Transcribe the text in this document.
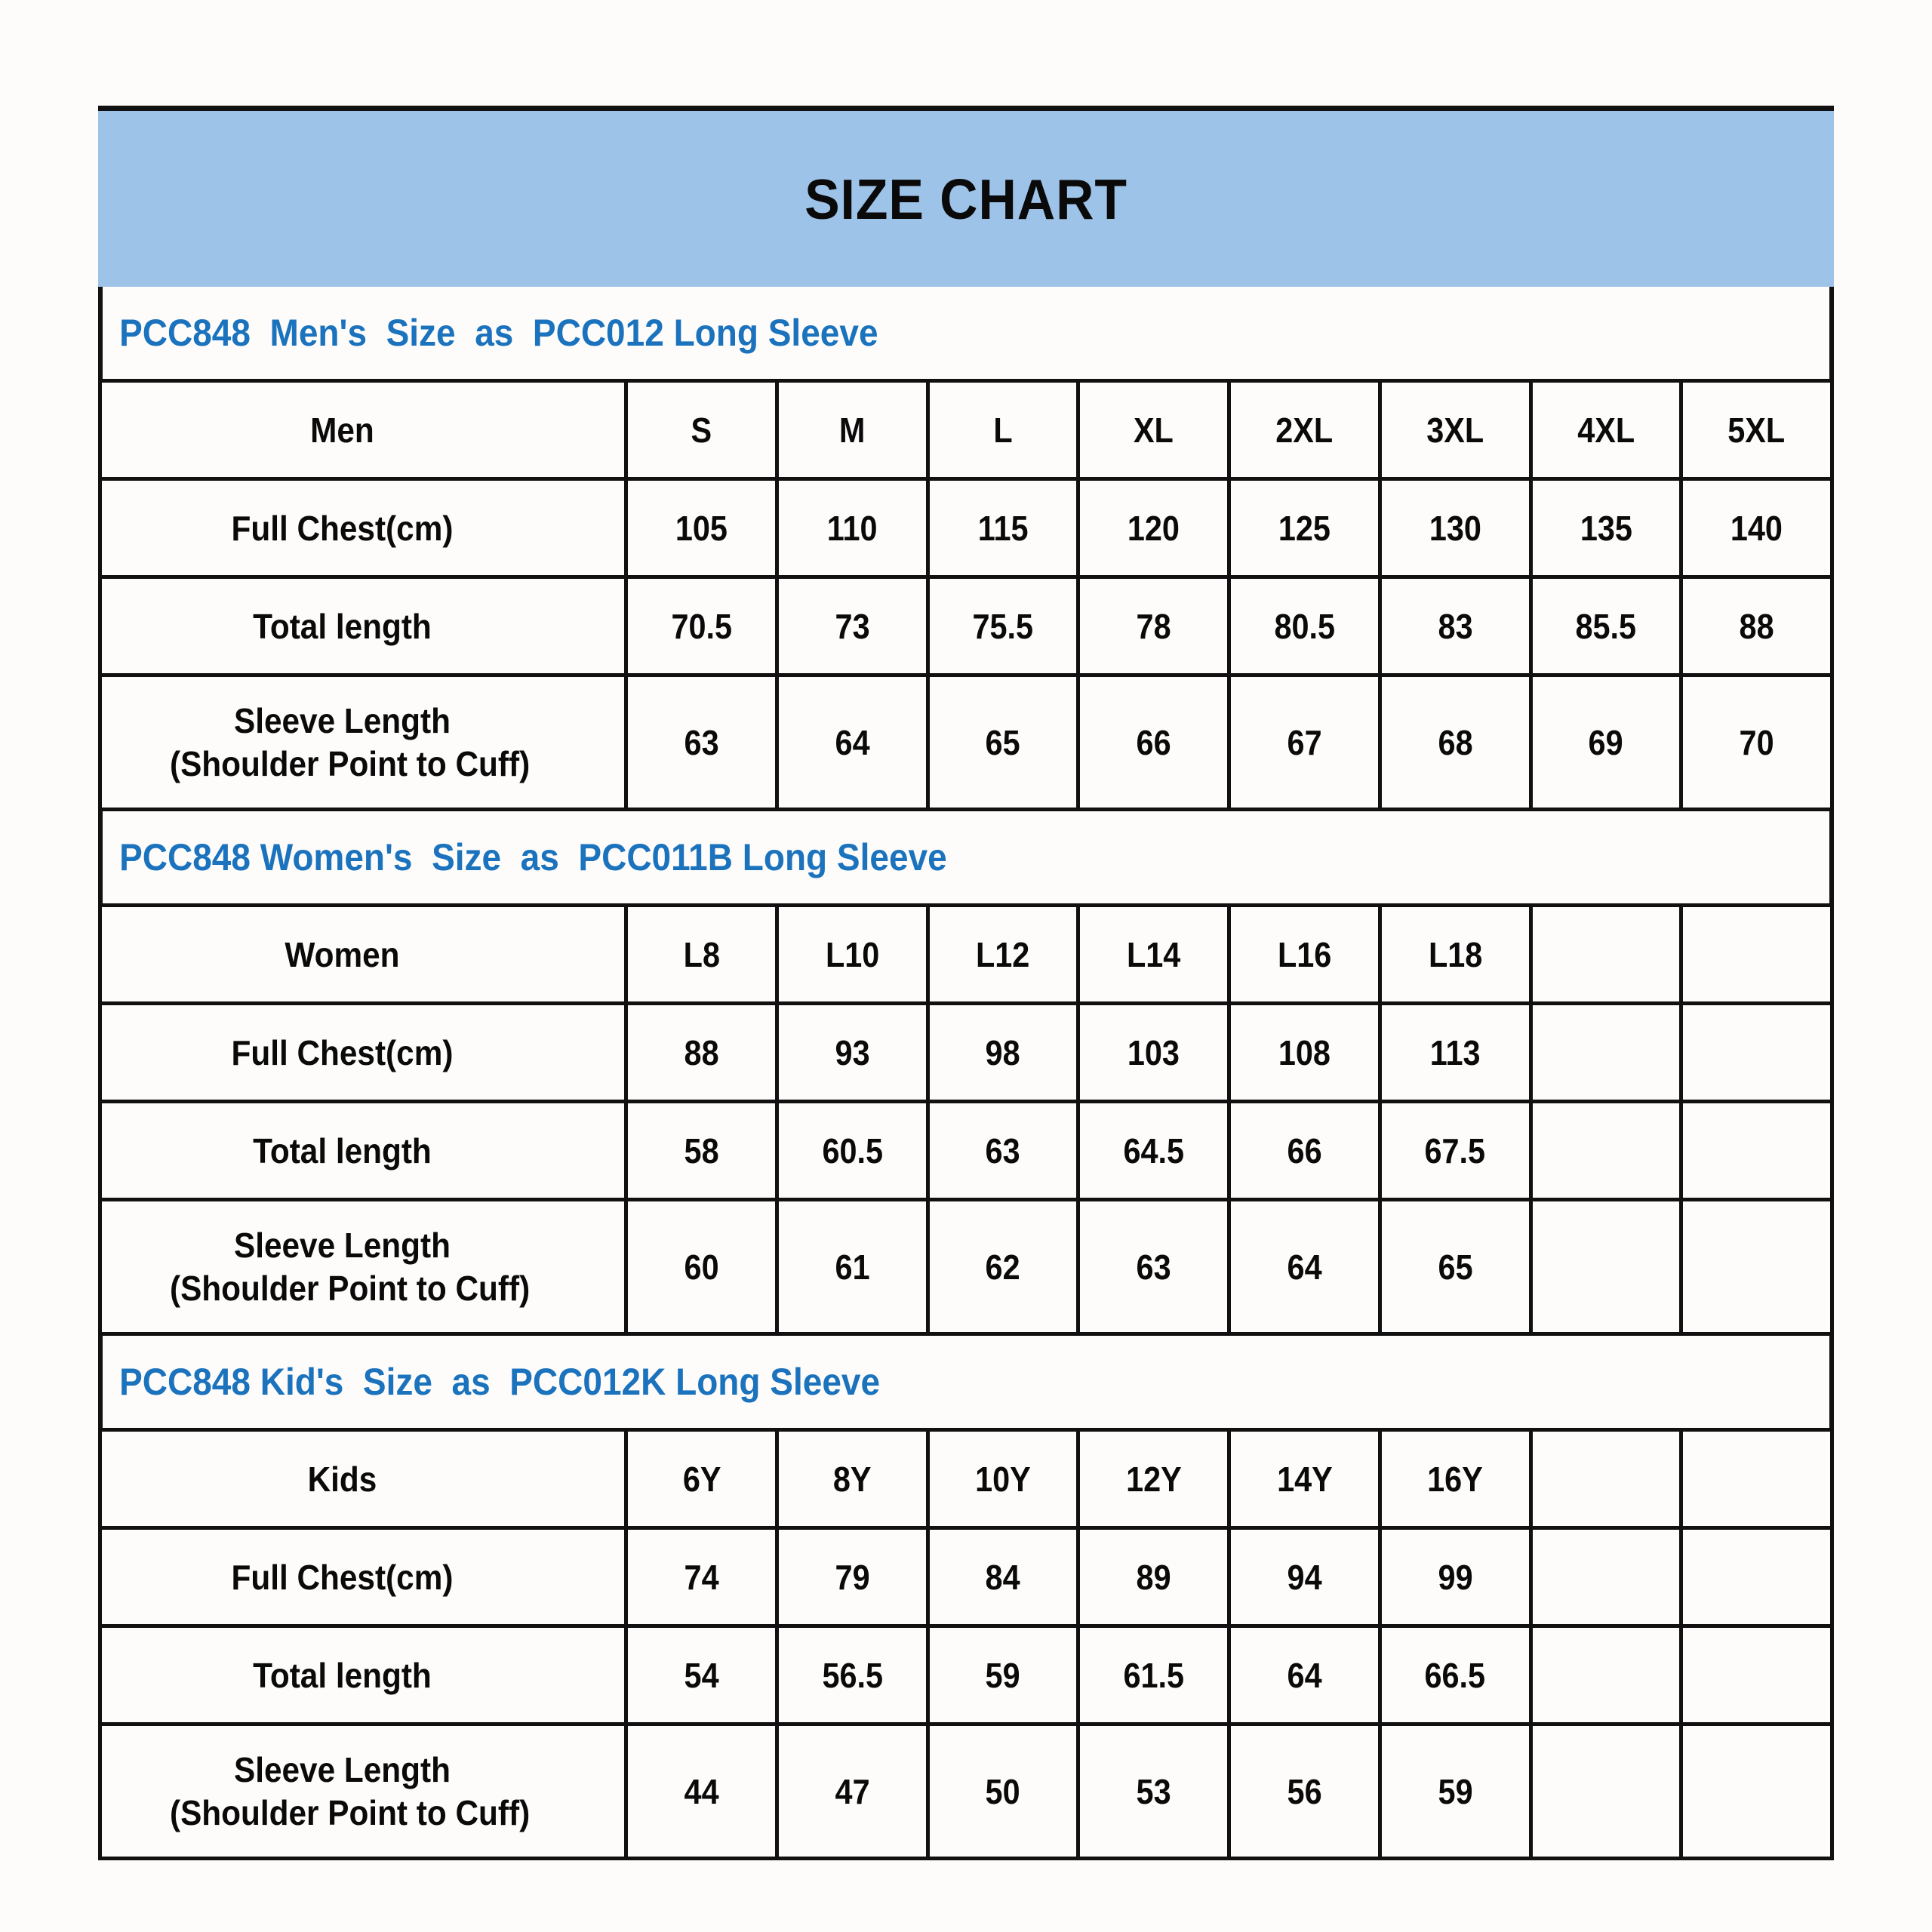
SIZE CHART
PCC848  Men's  Size  as  PCC012 Long Sleeve
Men	S	M	L	XL	2XL	3XL	4XL	5XL

Full Chest(cm)	105	110	115	120	125	130	135	140

Total length	70.5	73	75.5	78	80.5	83	85.5	88

Sleeve Length
(Shoulder Point to Cuff)	63	64	65	66	67	68	69	70
PCC848 Women's  Size  as  PCC011B Long Sleeve
Women	L8	L10	L12	L14	L16	L18		

Full Chest(cm)	88	93	98	103	108	113		

Total length	58	60.5	63	64.5	66	67.5		

Sleeve Length
(Shoulder Point to Cuff)	60	61	62	63	64	65		
PCC848 Kid's  Size  as  PCC012K Long Sleeve
Kids	6Y	8Y	10Y	12Y	14Y	16Y		

Full Chest(cm)	74	79	84	89	94	99		

Total length	54	56.5	59	61.5	64	66.5		

Sleeve Length
(Shoulder Point to Cuff)	44	47	50	53	56	59		
